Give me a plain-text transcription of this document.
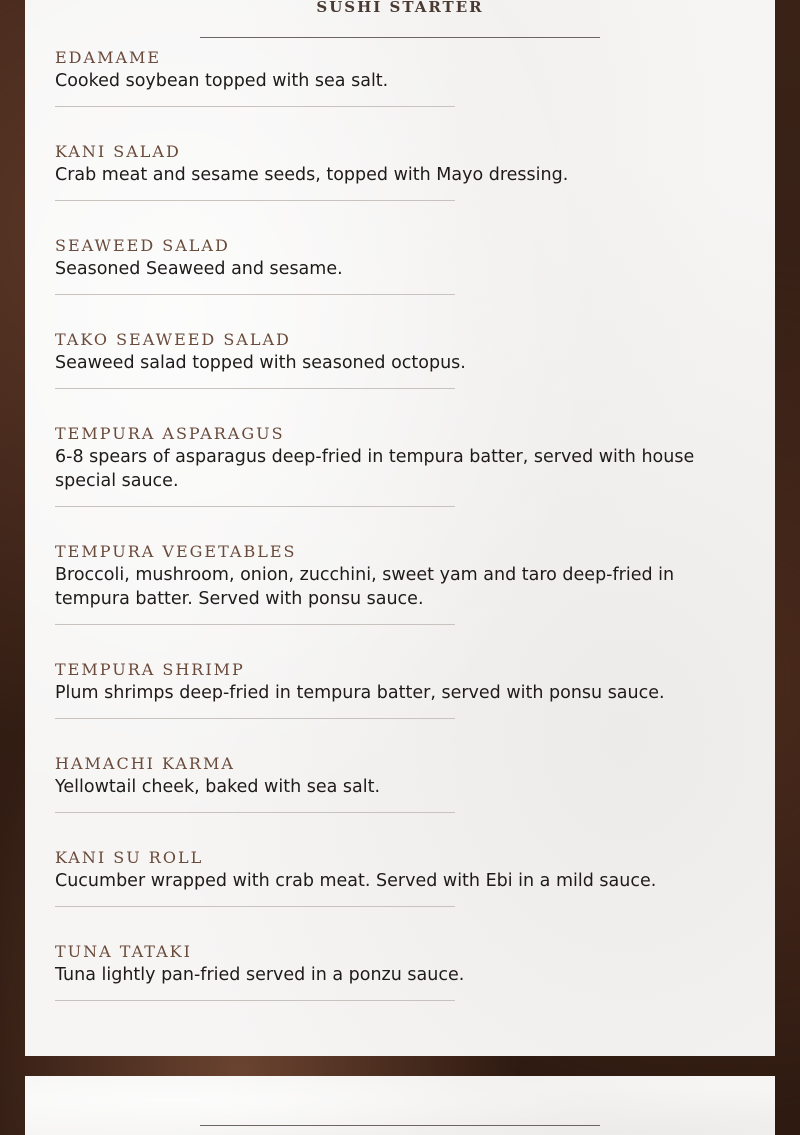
SUSHI STARTER
EDAMAME
Cooked soybean topped with sea salt.
KANI SALAD
Crab meat and sesame seeds, topped with Mayo dressing.
SEAWEED SALAD
Seasoned Seaweed and sesame.
TAKO SEAWEED SALAD
Seaweed salad topped with seasoned octopus.
TEMPURA ASPARAGUS
6-8 spears of asparagus deep-fried in tempura batter, served with house special sauce.
TEMPURA VEGETABLES
Broccoli, mushroom, onion, zucchini, sweet yam and taro deep-fried in tempura batter. Served with ponsu sauce.
TEMPURA SHRIMP
Plum shrimps deep-fried in tempura batter, served with ponsu sauce.
HAMACHI KARMA
Yellowtail cheek, baked with sea salt.
KANI SU ROLL
Cucumber wrapped with crab meat. Served with Ebi in a mild sauce.
TUNA TATAKI
Tuna lightly pan-fried served in a ponzu sauce.
